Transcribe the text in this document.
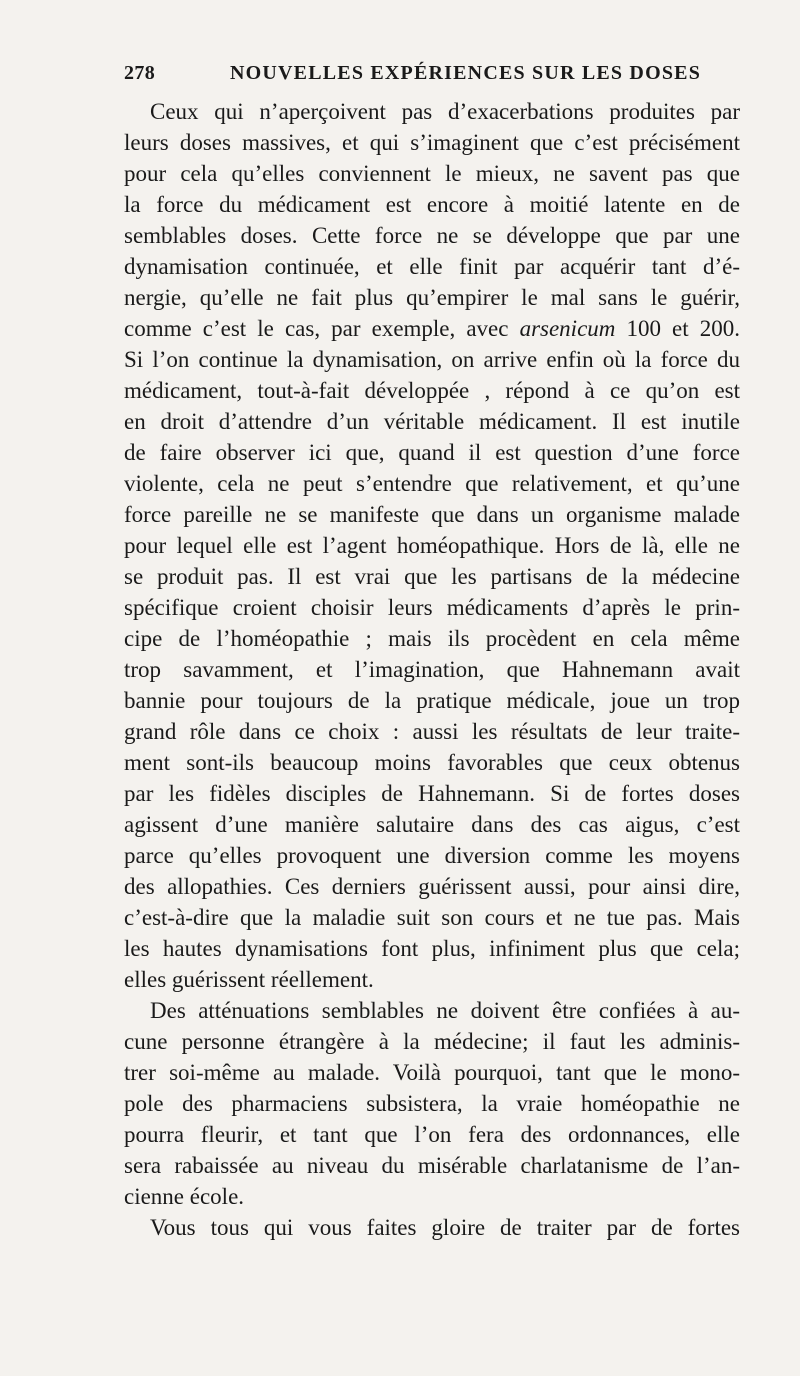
278	NOUVELLES EXPÉRIENCES SUR LES DOSES
Ceux qui n’aperçoivent pas d’exacerbations produites par
leurs doses massives, et qui s’imaginent que c’est précisément
pour cela qu’elles conviennent le mieux, ne savent pas que
la force du médicament est encore à moitié latente en de
semblables doses. Cette force ne se développe que par une
dynamisation continuée, et elle finit par acquérir tant d’é-
nergie, qu’elle ne fait plus qu’empirer le mal sans le guérir,
comme c’est le cas, par exemple, avec arsenicum 100 et 200.
Si l’on continue la dynamisation, on arrive enfin où la force du
médicament, tout-à-fait développée , répond à ce qu’on est
en droit d’attendre d’un véritable médicament. Il est inutile
de faire observer ici que, quand il est question d’une force
violente, cela ne peut s’entendre que relativement, et qu’une
force pareille ne se manifeste que dans un organisme malade
pour lequel elle est l’agent homéopathique. Hors de là, elle ne
se produit pas. Il est vrai que les partisans de la médecine
spécifique croient choisir leurs médicaments d’après le prin-
cipe de l’homéopathie ; mais ils procèdent en cela même
trop savamment, et l’imagination, que Hahnemann avait
bannie pour toujours de la pratique médicale, joue un trop
grand rôle dans ce choix : aussi les résultats de leur traite-
ment sont-ils beaucoup moins favorables que ceux obtenus
par les fidèles disciples de Hahnemann. Si de fortes doses
agissent d’une manière salutaire dans des cas aigus, c’est
parce qu’elles provoquent une diversion comme les moyens
des allopathies. Ces derniers guérissent aussi, pour ainsi dire,
c’est-à-dire que la maladie suit son cours et ne tue pas. Mais
les hautes dynamisations font plus, infiniment plus que cela;
elles guérissent réellement.
Des atténuations semblables ne doivent être confiées à au-
cune personne étrangère à la médecine; il faut les adminis-
trer soi-même au malade. Voilà pourquoi, tant que le mono-
pole des pharmaciens subsistera, la vraie homéopathie ne
pourra fleurir, et tant que l’on fera des ordonnances, elle
sera rabaissée au niveau du misérable charlatanisme de l’an-
cienne école.
Vous tous qui vous faites gloire de traiter par de fortes
